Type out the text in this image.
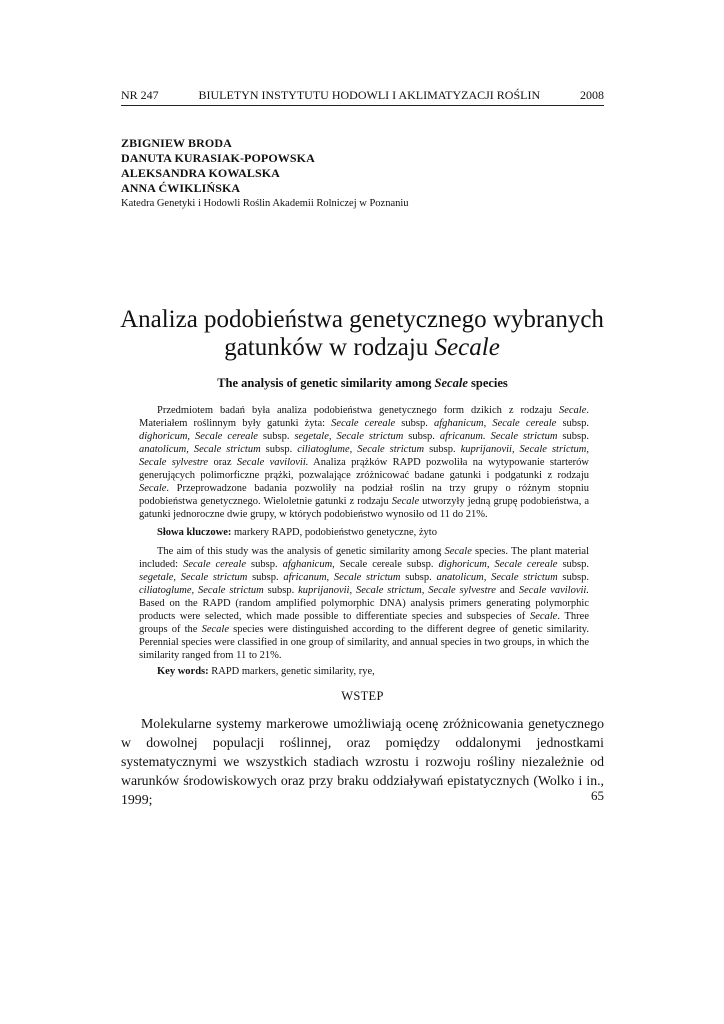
NR 247	BIULETYN INSTYTUTU HODOWLI I AKLIMATYZACJI ROŚLIN	2008
ZBIGNIEW BRODA
DANUTA KURASIAK-POPOWSKA
ALEKSANDRA KOWALSKA
ANNA ĆWIKLIŃSKA
Katedra Genetyki i Hodowli Roślin Akademii Rolniczej w Poznaniu
Analiza podobieństwa genetycznego wybranych
gatunków w rodzaju Secale
The analysis of genetic similarity among Secale species

Przedmiotem badań była analiza podobieństwa genetycznego form dzikich z rodzaju Secale. Materiałem roślinnym były gatunki żyta: Secale cereale subsp. afghanicum, Secale cereale subsp. dighoricum, Secale cereale subsp. segetale, Secale strictum subsp. africanum. Secale strictum subsp. anatolicum, Secale strictum subsp. ciliatoglume, Secale strictum subsp. kuprijanovii, Secale strictum, Secale sylvestre oraz Secale vavilovii. Analiza prążków RAPD pozwoliła na wytypowanie starterów generujących polimorficzne prążki, pozwalające zróżnicować badane gatunki i podgatunki z rodzaju Secale. Przeprowadzone badania pozwoliły na podział roślin na trzy grupy o różnym stopniu podobieństwa genetycznego. Wieloletnie gatunki z rodzaju Secale utworzyły jedną grupę podobieństwa, a gatunki jednoroczne dwie grupy, w których podobieństwo wynosiło od 11 do 21%.

Słowa kluczowe: markery RAPD, podobieństwo genetyczne, żyto

The aim of this study was the analysis of genetic similarity among Secale species. The plant material included: Secale cereale subsp. afghanicum, Secale cereale subsp. dighoricum, Secale cereale subsp. segetale, Secale strictum subsp. africanum, Secale strictum subsp. anatolicum, Secale strictum subsp. ciliatoglume, Secale strictum subsp. kuprijanovii, Secale strictum, Secale sylvestre and Secale vavilovii. Based on the RAPD (random amplified polymorphic DNA) analysis primers generating polymorphic products were selected, which made possible to differentiate species and subspecies of Secale. Three groups of the Secale species were distinguished according to the different degree of genetic similarity. Perennial species were classified in one group of similarity, and annual species in two groups, in which the similarity ranged from 11 to 21%.

Key words: RAPD markers, genetic similarity, rye,

WSTEP

Molekularne systemy markerowe umożliwiają ocenę zróżnicowania genetycznego w dowolnej populacji roślinnej, oraz pomiędzy oddalonymi jednostkami systematycznymi we wszystkich stadiach wzrostu i rozwoju rośliny niezależnie od warunków środowiskowych oraz przy braku oddziaływań epistatycznych (Wolko i in., 1999;	65
